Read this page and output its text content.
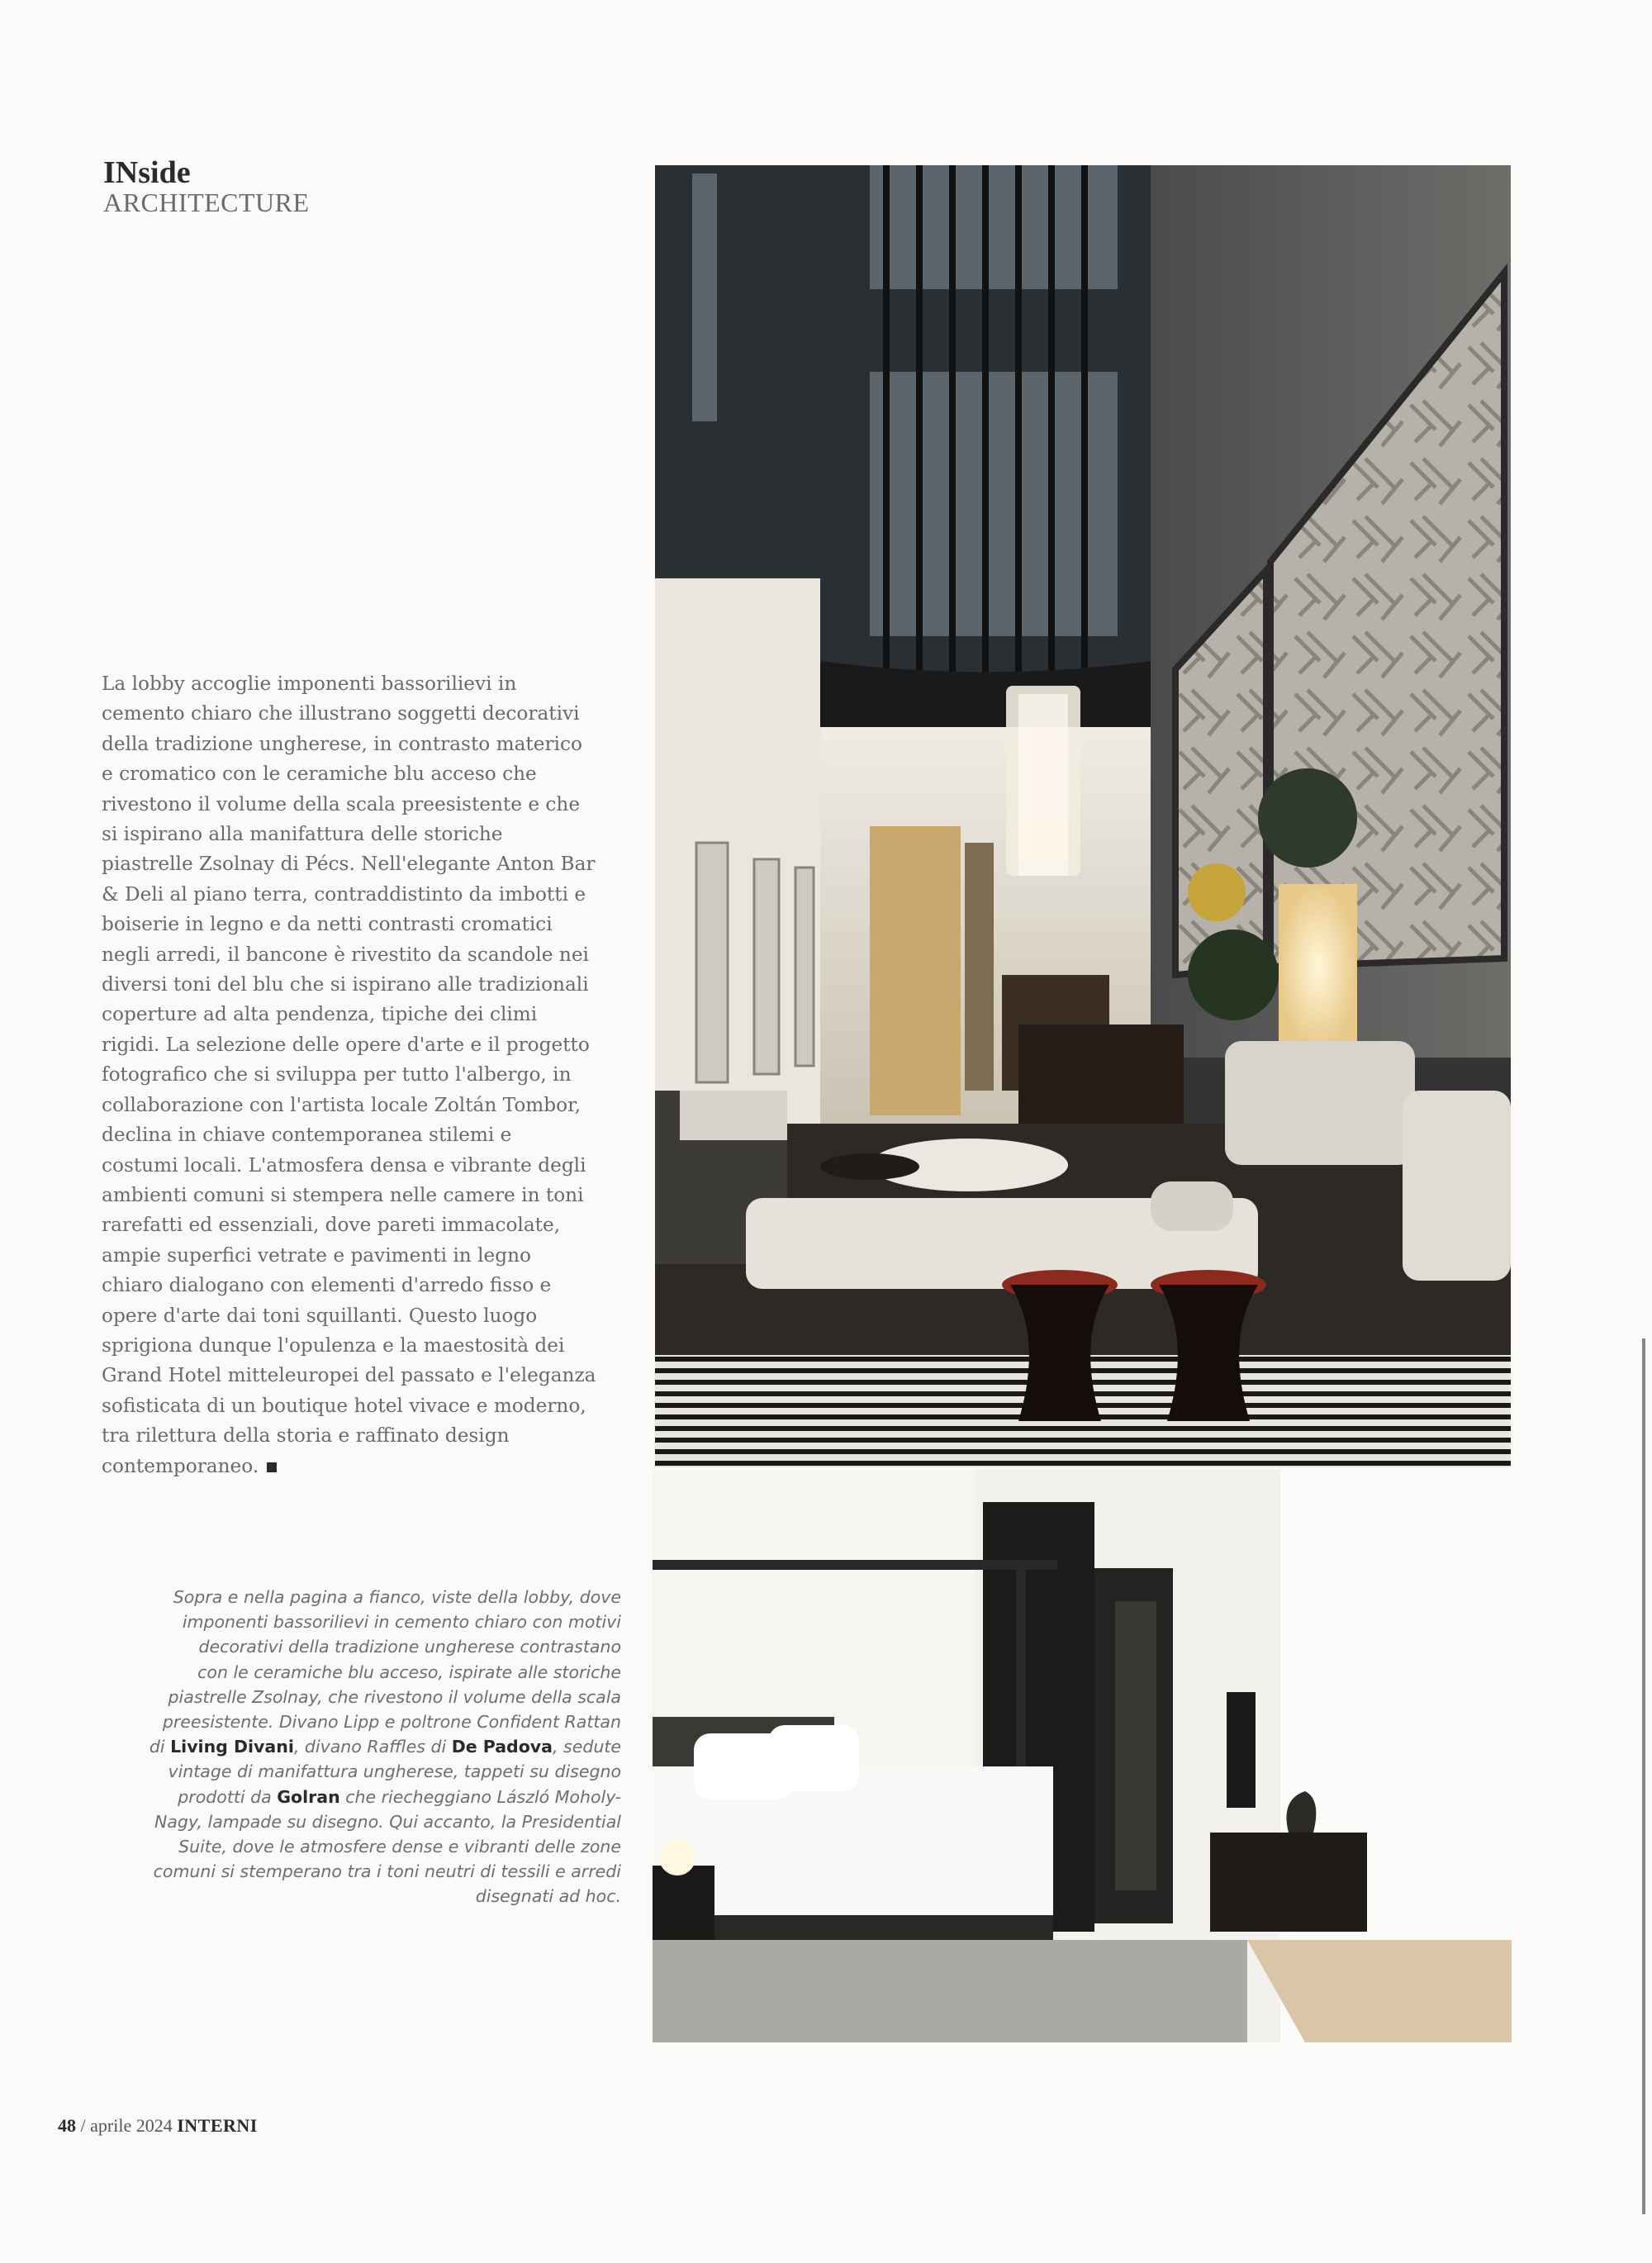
INside
ARCHITECTURE

La lobby accoglie imponenti bassorilievi in
cemento chiaro che illustrano soggetti decorativi
della tradizione ungherese, in contrasto materico
e cromatico con le ceramiche blu acceso che
rivestono il volume della scala preesistente e che
si ispirano alla manifattura delle storiche
piastrelle Zsolnay di Pécs. Nell'elegante Anton Bar
& Deli al piano terra, contraddistinto da imbotti e
boiserie in legno e da netti contrasti cromatici
negli arredi, il bancone è rivestito da scandole nei
diversi toni del blu che si ispirano alle tradizionali
coperture ad alta pendenza, tipiche dei climi
rigidi. La selezione delle opere d'arte e il progetto
fotografico che si sviluppa per tutto l'albergo, in
collaborazione con l'artista locale Zoltán Tombor,
declina in chiave contemporanea stilemi e
costumi locali. L'atmosfera densa e vibrante degli
ambienti comuni si stempera nelle camere in toni
rarefatti ed essenziali, dove pareti immacolate,
ampie superfici vetrate e pavimenti in legno
chiaro dialogano con elementi d'arredo fisso e
opere d'arte dai toni squillanti. Questo luogo
sprigiona dunque l'opulenza e la maestosità dei
Grand Hotel mitteleuropei del passato e l'eleganza
sofisticata di un boutique hotel vivace e moderno,
tra rilettura della storia e raffinato design
contemporaneo.

Sopra e nella pagina a fianco, viste della lobby, dove
imponenti bassorilievi in cemento chiaro con motivi
decorativi della tradizione ungherese contrastano
con le ceramiche blu acceso, ispirate alle storiche
piastrelle Zsolnay, che rivestono il volume della scala
preesistente. Divano Lipp e poltrone Confident Rattan
di Living Divani, divano Raffles di De Padova, sedute
vintage di manifattura ungherese, tappeti su disegno
prodotti da Golran che riecheggiano László Moholy-
Nagy, lampade su disegno. Qui accanto, la Presidential
Suite, dove le atmosfere dense e vibranti delle zone
comuni si stemperano tra i toni neutri di tessili e arredi
disegnati ad hoc.
48 / aprile 2024 INTERNI
